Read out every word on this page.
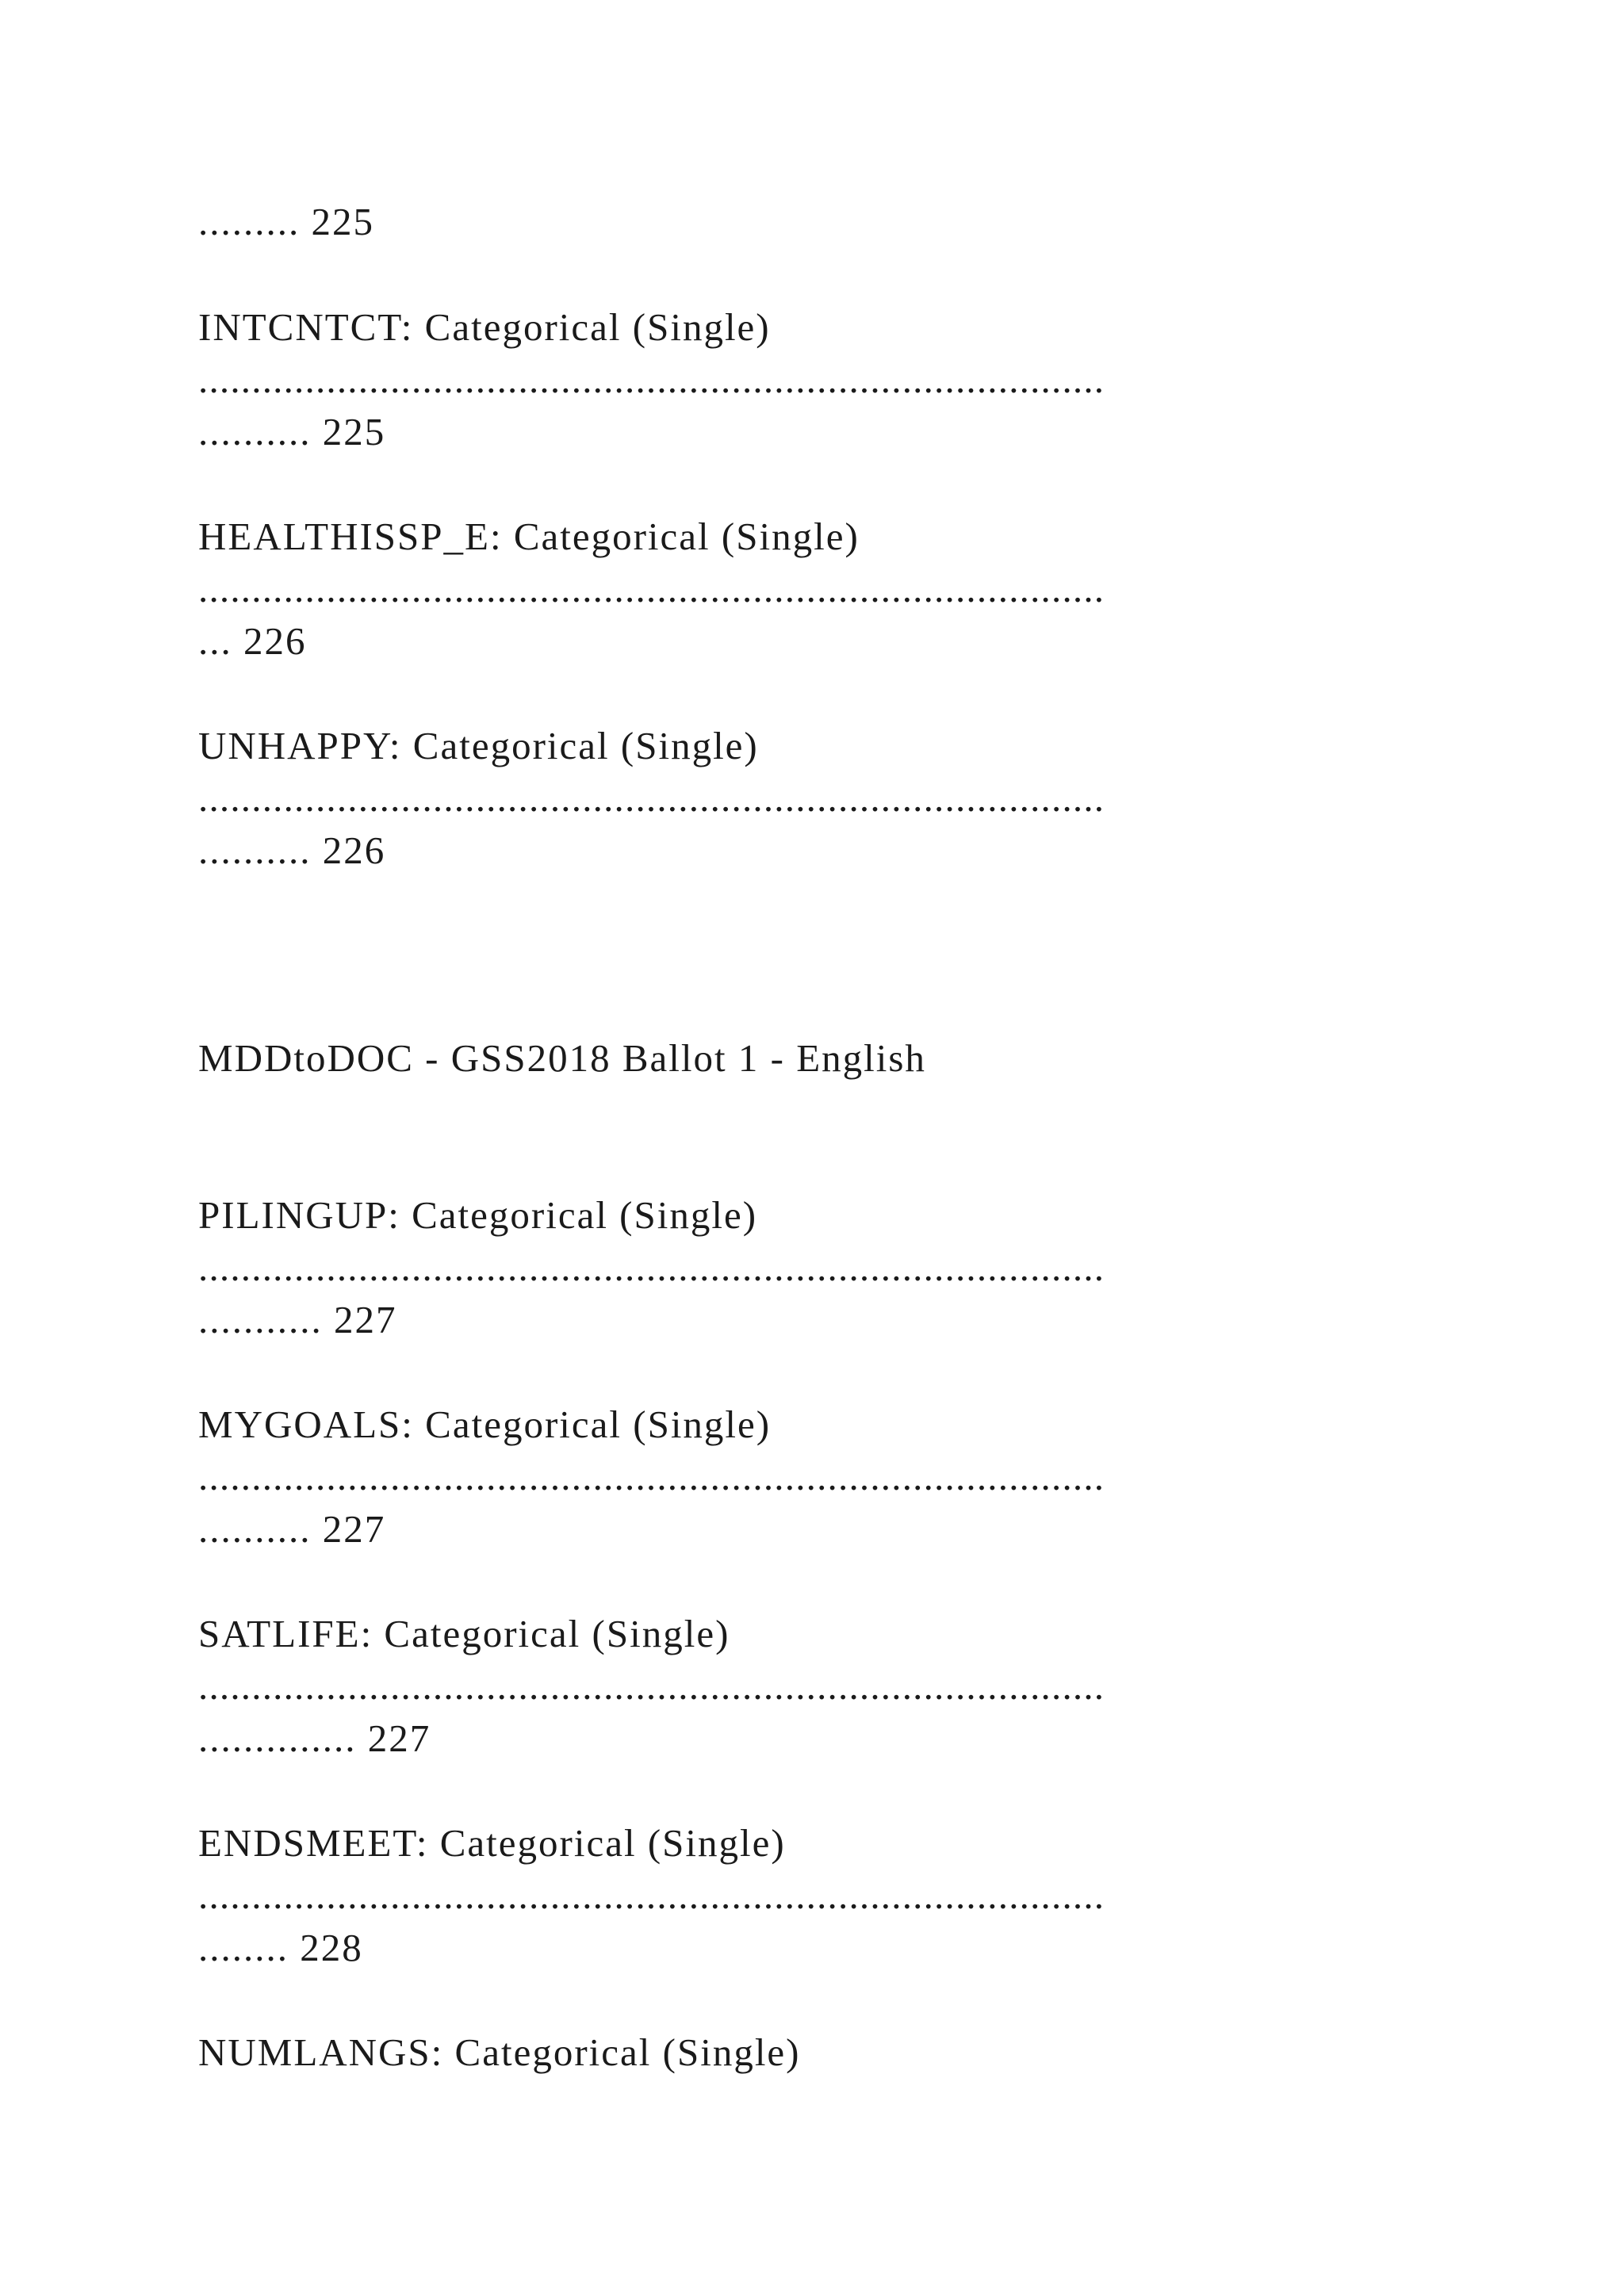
......... 225
INTCNTCT: Categorical (Single)
.....................................................................................
.......... 225
HEALTHISSP_E: Categorical (Single)
.....................................................................................
... 226
UNHAPPY: Categorical (Single)
.....................................................................................
.......... 226
MDDtoDOC - GSS2018 Ballot 1 - English
PILINGUP: Categorical (Single)
.....................................................................................
........... 227
MYGOALS: Categorical (Single)
.....................................................................................
.......... 227
SATLIFE: Categorical (Single)
.....................................................................................
.............. 227
ENDSMEET: Categorical (Single)
.....................................................................................
........ 228
NUMLANGS: Categorical (Single)
